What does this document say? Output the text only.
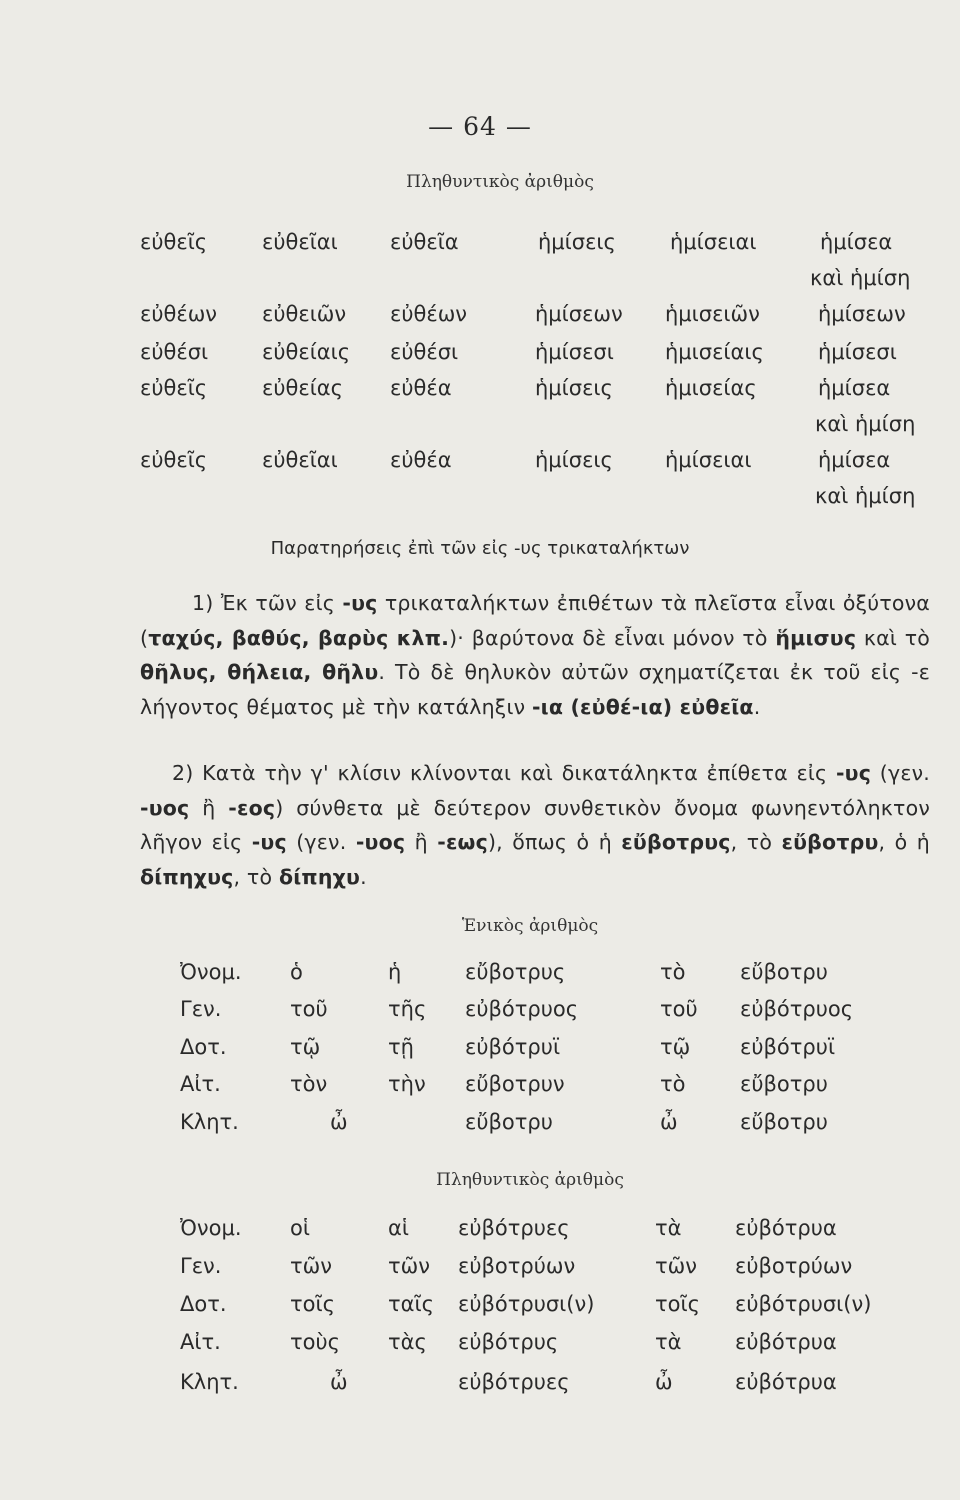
— 64 —
Πληθυντικὸς ἀριθμὸς
εὐθεῖς	εὐθεῖαι εὐθεῖα	ἡμίσεις	ἡμίσειαι	ἡμίσεα
καὶ ἡμίση
εὐθέων εὐθειῶν εὐθέων	ἡμίσεων ἡμισειῶν	ἡμίσεων
εὐθέσι	εὐθείαις εὐθέσι	ἡμίσεσι ἡμισείαις	ἡμίσεσι
εὐθεῖς	εὐθείας εὐθέα	ἡμίσεις ἡμισείας	ἡμίσεα
καὶ ἡμίση
εὐθεῖς	εὐθεῖαι εὐθέα	ἡμίσεις ἡμίσειαι	ἡμίσεα
καὶ ἡμίση
Παρατηρήσεις ἐπὶ τῶν εἰς -υς τρικαταλήκτων
1) Ἐκ τῶν εἰς -υς τρικαταλήκτων ἐπιθέτων τὰ πλεῖστα εἶναι ὀξύτονα (ταχύς, βαθύς, βαρὺς κλπ.)· βαρύτονα δὲ εἶναι μόνον τὸ ἥμισυς καὶ τὸ θῆλυς, θήλεια, θῆλυ. Τὸ δὲ θηλυκὸν αὐτῶν σχηματίζεται ἐκ τοῦ εἰς -ε λήγοντος θέματος μὲ τὴν κατάληξιν -ια (εὐθέ-ια) εὐθεῖα.
2) Κατὰ τὴν γ' κλίσιν κλίνονται καὶ δικατάληκτα ἐπίθετα εἰς -υς (γεν. -υος ἢ -εος) σύνθετα μὲ δεύτερον συνθετικὸν ὄνομα φωνηεντόληκτον λῆγον εἰς -υς (γεν. -υος ἢ -εως), ὅπως ὁ ἡ εὔβοτρυς, τὸ εὔβοτρυ, ὁ ἡ δίπηχυς, τὸ δίπηχυ.
Ἑνικὸς ἀριθμὸς
Ὀνομ. ὁ	ἡ	εὔβοτρυς	τὸ	εὔβοτρυ
Γεν.	τοῦ	τῆς εὐβότρυος	τοῦ εὐβότρυος
Δοτ.	τῷ	τῇ εὐβότρυϊ	τῷ εὐβότρυϊ
Αἰτ.	τὸν	τὴν εὔβοτρυν	τὸ	εὔβοτρυ
Κλητ.	ὦ	εὔβοτρυ	ὦ	εὔβοτρυ
Πληθυντικὸς ἀριθμὸς
Ὀνομ. οἱ	αἱ εὐβότρυες	τὰ	εὐβότρυα
Γεν.	τῶν	τῶν εὐβοτρύων	τῶν εὐβοτρύων
Δοτ.	τοῖς	ταῖς εὐβότρυσι(ν)	τοῖς εὐβότρυσι(ν)
Αἰτ.	τοὺς τὰς εὐβότρυς	τὰ	εὐβότρυα
Κλητ.	ὦ	εὐβότρυες	ὦ	εὐβότρυα
